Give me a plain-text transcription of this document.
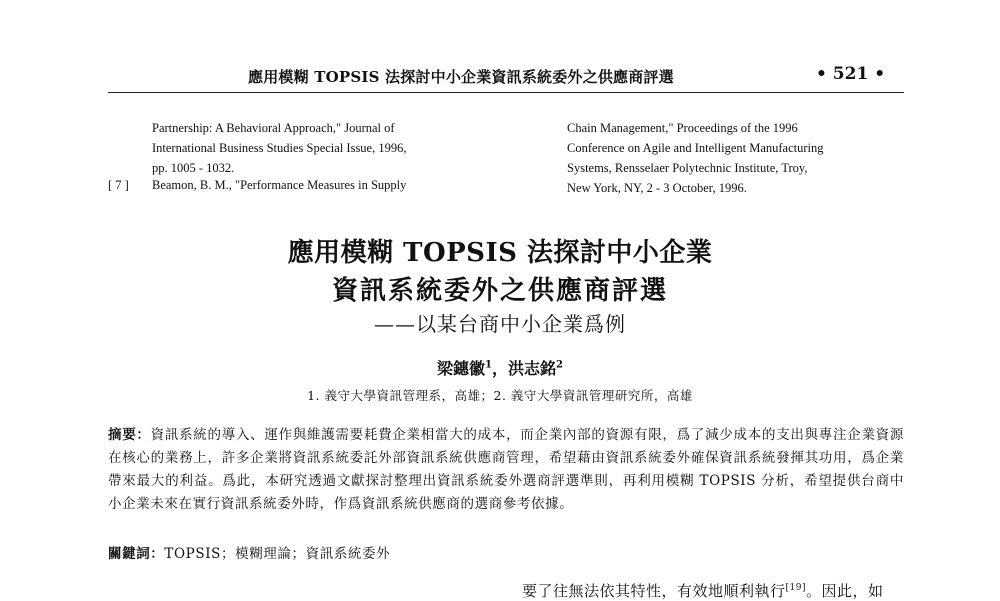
應用模糊 TOPSIS 法探討中小企業資訊系統委外之供應商評選	• 521 •
Partnership: A Behavioral Approach," Journal of
International Business Studies Special Issue, 1996,
pp. 1005 - 1032.
[ 7 ] Beamon, B. M., "Performance Measures in Supply
Chain Management," Proceedings of the 1996
Conference on Agile and Intelligent Manufacturing
Systems, Rensselaer Polytechnic Institute, Troy,
New York, NY, 2 - 3 October, 1996.
應用模糊 TOPSIS 法探討中小企業
資訊系統委外之供應商評選
——以某台商中小企業爲例
梁鏸徽$^1$，洪志銘$^2$
1. 義守大學資訊管理系，高雄；2. 義守大學資訊管理研究所，高雄
摘要：資訊系統的導入、運作與維護需要耗費企業相當大的成本，而企業內部的資源有限，爲了減少成本的支出與專注企業資源在核心的業務上，許多企業將資訊系統委託外部資訊系統供應商管理，希望藉由資訊系統委外確保資訊系統發揮其功用，爲企業帶來最大的利益。爲此，本研究透過文獻探討整理出資訊系統委外選商評選準則，再利用模糊 TOPSIS 分析，希望提供台商中小企業未來在實行資訊系統委外時，作爲資訊系統供應商的選商參考依據。
關鍵詞：TOPSIS；模糊理論；資訊系統委外
要了往無法依其特性，有效地順利執行[19]。因此，如
